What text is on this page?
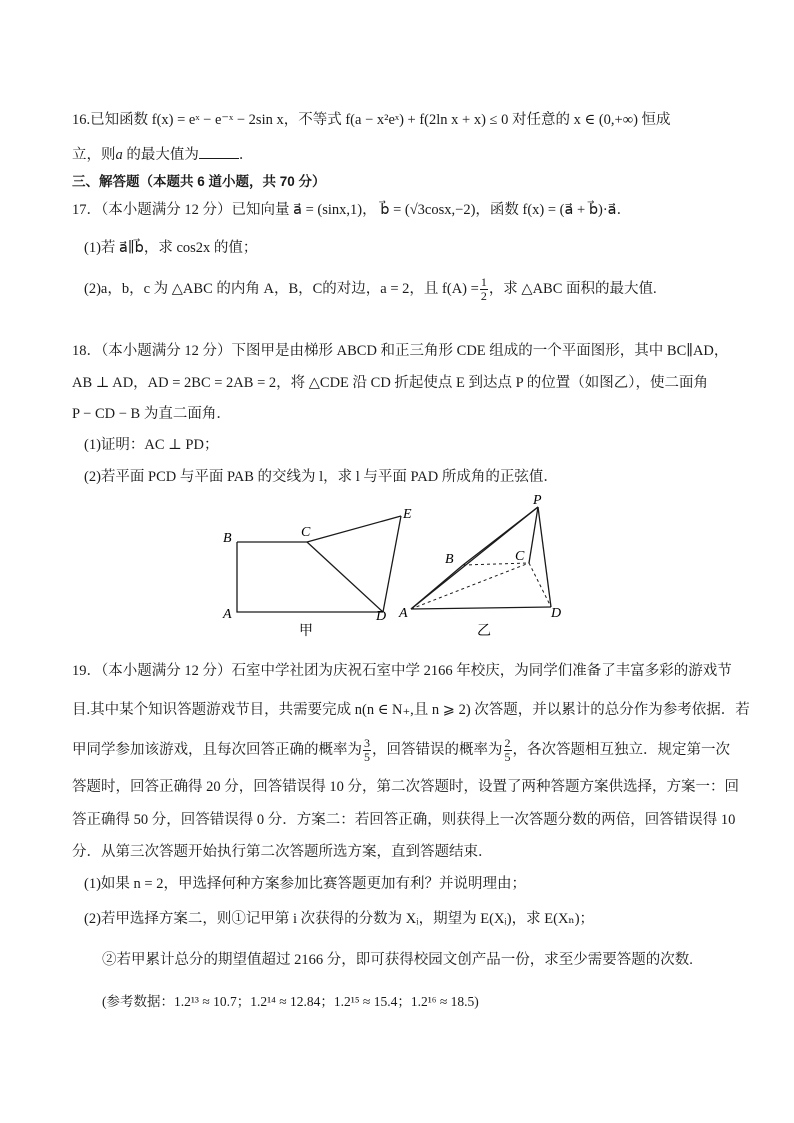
16.已知函数 f(x) = eˣ − e⁻ˣ − 2sin x，不等式 f(a − x²eˣ) + f(2ln x + x) ≤ 0 对任意的 x ∈ (0,+∞) 恒成
立，则a 的最大值为	．
三、解答题（本题共 6 道小题，共 70 分）
17．（本小题满分 12 分）已知向量 a⃗ = (sinx,1)， b⃗ = (√3cosx,−2)，函数 f(x) = (a⃗ + b⃗)·a⃗．
(1)若 a⃗∥b⃗，求 cos2x 的值；
(2)a，b，c 为 △ABC 的内角 A，B，C的对边，a = 2，且 $f(A) = \frac{1}{2}$ ，求 △ABC 面积的最大值.
18．（本小题满分 12 分）下图甲是由梯形 ABCD 和正三角形 CDE 组成的一个平面图形，其中 BC∥AD，
AB ⊥ AD，AD = 2BC = 2AB = 2，将 △CDE 沿 CD 折起使点 E 到达点 P 的位置（如图乙），使二面角
P − CD − B 为直二面角．
(1)证明：AC ⊥ PD；
(2)若平面 PCD 与平面 PAB 的交线为 l，求 l 与平面 PAD 所成角的正弦值．
B
A
C
D
E
甲
P
B	C
A	D
乙
19．（本小题满分 12 分）石室中学社团为庆祝石室中学 2166 年校庆，为同学们准备了丰富多彩的游戏节
目.其中某个知识答题游戏节目，共需要完成 n(n ∈ N₊,且 n ⩾ 2) 次答题，并以累计的总分作为参考依据．若
甲同学参加该游戏，且每次回答正确的概率为 $\frac{3}{5}$ ，回答错误的概率为 $\frac{2}{5}$ ，各次答题相互独立．规定第一次
答题时，回答正确得 20 分，回答错误得 10 分，第二次答题时，设置了两种答题方案供选择，方案一：回
答正确得 50 分，回答错误得 0 分．方案二：若回答正确，则获得上一次答题分数的两倍，回答错误得 10
分．从第三次答题开始执行第二次答题所选方案，直到答题结束．
(1)如果 n = 2，甲选择何种方案参加比赛答题更加有利？并说明理由；
(2)若甲选择方案二，则①记甲第 i 次获得的分数为 Xᵢ，期望为 E(Xᵢ)，求 E(Xₙ)；
②若甲累计总分的期望值超过 2166 分，即可获得校园文创产品一份，求至少需要答题的次数.
(参考数据：1.2¹³ ≈ 10.7；1.2¹⁴ ≈ 12.84；1.2¹⁵ ≈ 15.4；1.2¹⁶ ≈ 18.5)
